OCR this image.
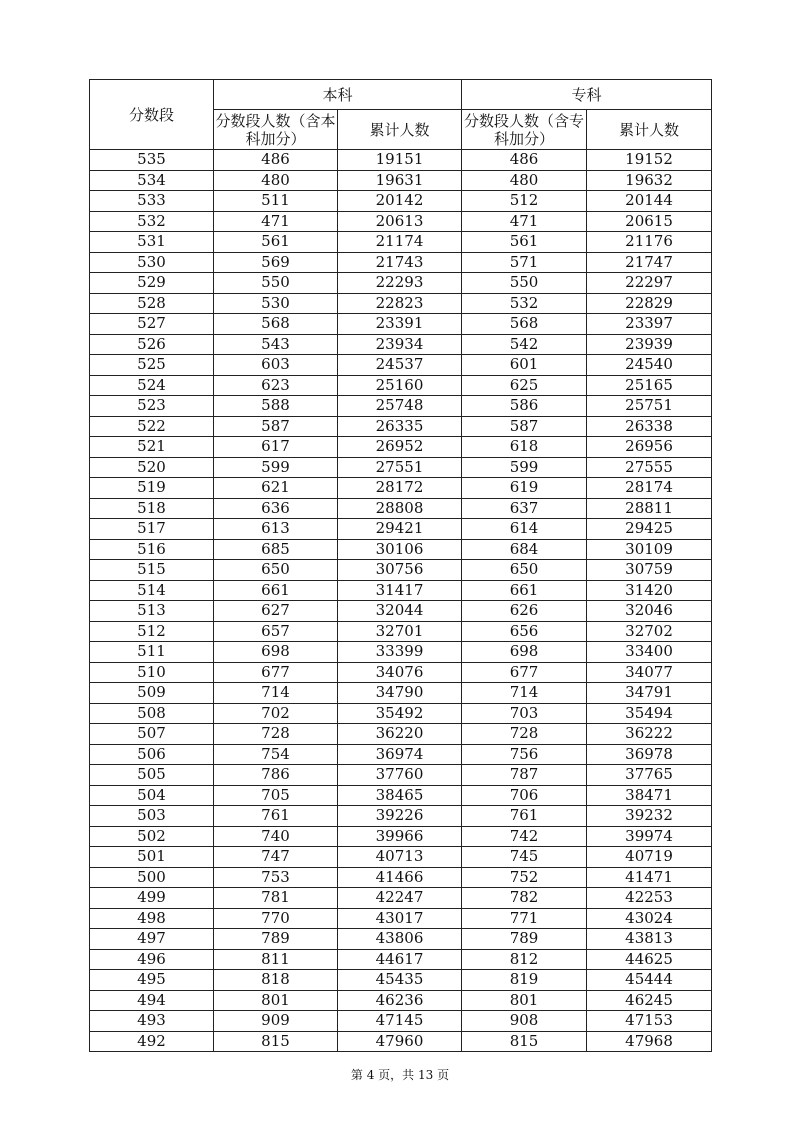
分数段	本科		专科	
	分数段人数（含本科加分）	累计人数	分数段人数（含专科加分）	累计人数
535	486	19151	486	19152
534	480	19631	480	19632
533	511	20142	512	20144
532	471	20613	471	20615
531	561	21174	561	21176
530	569	21743	571	21747
529	550	22293	550	22297
528	530	22823	532	22829
527	568	23391	568	23397
526	543	23934	542	23939
525	603	24537	601	24540
524	623	25160	625	25165
523	588	25748	586	25751
522	587	26335	587	26338
521	617	26952	618	26956
520	599	27551	599	27555
519	621	28172	619	28174
518	636	28808	637	28811
517	613	29421	614	29425
516	685	30106	684	30109
515	650	30756	650	30759
514	661	31417	661	31420
513	627	32044	626	32046
512	657	32701	656	32702
511	698	33399	698	33400
510	677	34076	677	34077
509	714	34790	714	34791
508	702	35492	703	35494
507	728	36220	728	36222
506	754	36974	756	36978
505	786	37760	787	37765
504	705	38465	706	38471
503	761	39226	761	39232
502	740	39966	742	39974
501	747	40713	745	40719
500	753	41466	752	41471
499	781	42247	782	42253
498	770	43017	771	43024
497	789	43806	789	43813
496	811	44617	812	44625
495	818	45435	819	45444
494	801	46236	801	46245
493	909	47145	908	47153
492	815	47960	815	47968
第 4 页，共 13 页
